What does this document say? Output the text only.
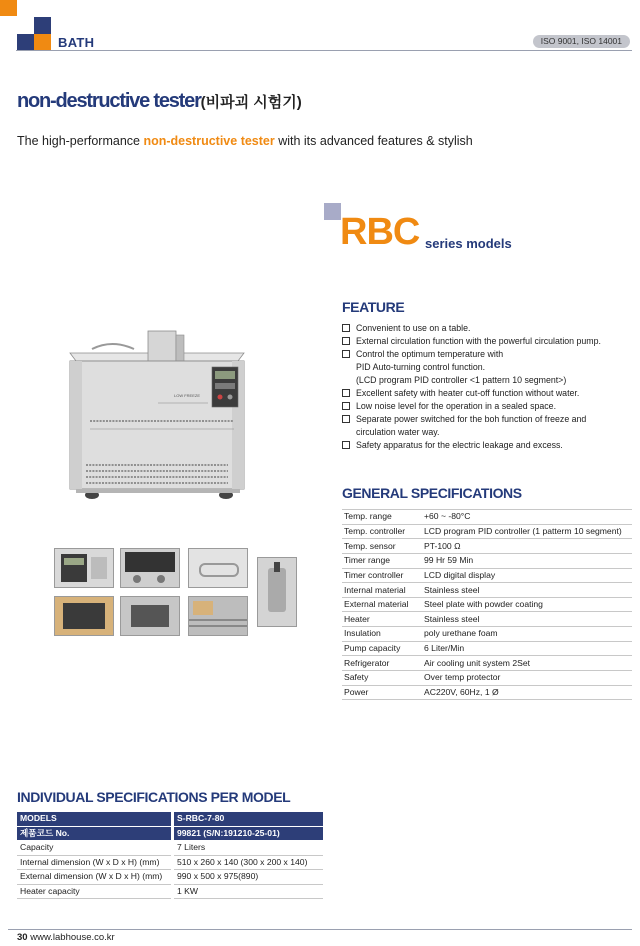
BATH	ISO 9001, ISO 14001
non-destructive tester(비파괴 시험기)
The high-performance non-destructive tester with its advanced features & stylish
LOW FREEZE
RBC series models
FEATURE
Convenient to use on a table.
External circulation function with the powerful circulation pump.
Control the optimum temperature with
PID Auto-turning control function.
(LCD program PID controller <1 pattern 10 segment>)
Excellent safety with heater cut-off function without water.
Low noise level for the operation in a sealed space.
Separate power switched for the boh function of freeze and
circulation water way.
Safety apparatus for the electric leakage and excess.
GENERAL SPECIFICATIONS
Temp. range	+60 ~ -80°C
Temp. controller	LCD program PID controller (1 patterm 10 segment)
Temp. sensor	PT-100 Ω
Timer range	99 Hr 59 Min
Timer controller	LCD digital display
Internal material	Stainless steel
External material	Steel plate with powder coating
Heater	Stainless steel
Insulation	poly urethane foam
Pump capacity	6 Liter/Min
Refrigerator	Air cooling unit system 2Set
Safety	Over temp protector
Power	AC220V, 60Hz, 1 Ø
INDIVIDUAL SPECIFICATIONS PER MODEL
MODELS	S-RBC-7-80
제품코드 No.	99821 (S/N:191210-25-01)
Capacity	7 Liters
Internal dimension (W x D x H) (mm)	510 x 260 x 140 (300 x 200 x 140)
External dimension (W x D x H) (mm)	990 x 500 x 975(890)
Heater capacity	1 KW
30 www.labhouse.co.kr
